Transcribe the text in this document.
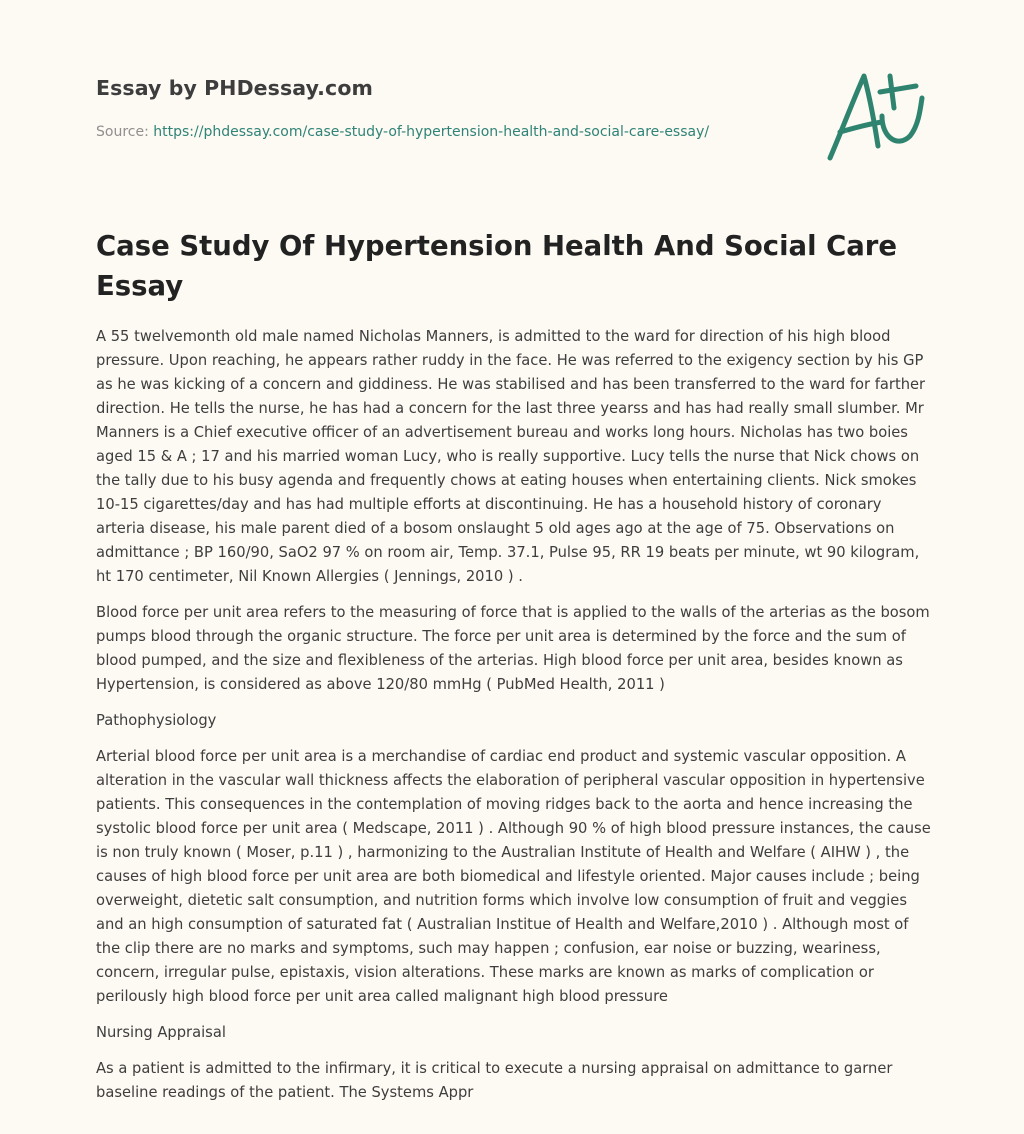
Essay by PHDessay.com

Source: https://phdessay.com/case-study-of-hypertension-health-and-social-care-essay/

Case Study Of Hypertension Health And Social Care Essay

A 55 twelvemonth old male named Nicholas Manners, is admitted to the ward for direction of his high blood pressure. Upon reaching, he appears rather ruddy in the face. He was referred to the exigency section by his GP as he was kicking of a concern and giddiness. He was stabilised and has been transferred to the ward for farther direction. He tells the nurse, he has had a concern for the last three yearss and has had really small slumber. Mr Manners is a Chief executive officer of an advertisement bureau and works long hours. Nicholas has two boies aged 15 & A ; 17 and his married woman Lucy, who is really supportive. Lucy tells the nurse that Nick chows on the tally due to his busy agenda and frequently chows at eating houses when entertaining clients. Nick smokes 10-15 cigarettes/day and has had multiple efforts at discontinuing. He has a household history of coronary arteria disease, his male parent died of a bosom onslaught 5 old ages ago at the age of 75. Observations on admittance ; BP 160/90, SaO2 97 % on room air, Temp. 37.1, Pulse 95, RR 19 beats per minute, wt 90 kilogram, ht 170 centimeter, Nil Known Allergies ( Jennings, 2010 ) .

Blood force per unit area refers to the measuring of force that is applied to the walls of the arterias as the bosom pumps blood through the organic structure. The force per unit area is determined by the force and the sum of blood pumped, and the size and flexibleness of the arterias. High blood force per unit area, besides known as Hypertension, is considered as above 120/80 mmHg ( PubMed Health, 2011 )

Pathophysiology

Arterial blood force per unit area is a merchandise of cardiac end product and systemic vascular opposition. A alteration in the vascular wall thickness affects the elaboration of peripheral vascular opposition in hypertensive patients. This consequences in the contemplation of moving ridges back to the aorta and hence increasing the systolic blood force per unit area ( Medscape, 2011 ) . Although 90 % of high blood pressure instances, the cause is non truly known ( Moser, p.11 ) , harmonizing to the Australian Institute of Health and Welfare ( AIHW ) , the causes of high blood force per unit area are both biomedical and lifestyle oriented. Major causes include ; being overweight, dietetic salt consumption, and nutrition forms which involve low consumption of fruit and veggies and an high consumption of saturated fat ( Australian Institue of Health and Welfare,2010 ) . Although most of the clip there are no marks and symptoms, such may happen ; confusion, ear noise or buzzing, weariness, concern, irregular pulse, epistaxis, vision alterations. These marks are known as marks of complication or perilously high blood force per unit area called malignant high blood pressure

Nursing Appraisal

As a patient is admitted to the infirmary, it is critical to execute a nursing appraisal on admittance to garner baseline readings of the patient. The Systems Appr
